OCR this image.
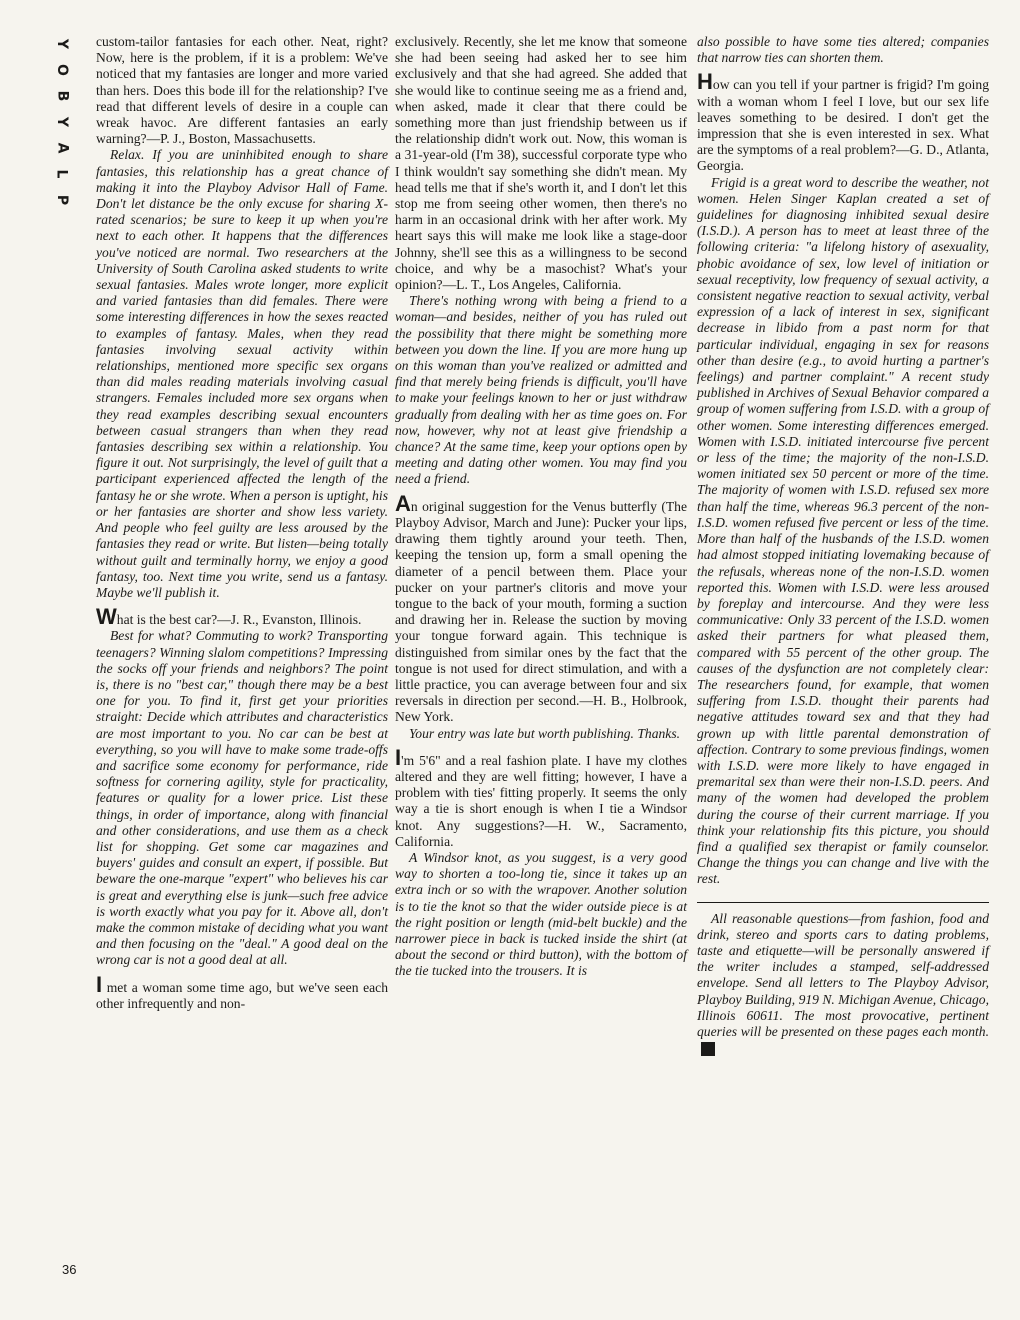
Y
O
B
Y
A
L
P
36

custom-tailor fantasies for each other. Neat, right? Now, here is the problem, if it is a problem: We've noticed that my fantasies are longer and more varied than hers. Does this bode ill for the relationship? I've read that different levels of desire in a couple can wreak havoc. Are different fantasies an early warning?—P. J., Boston, Massachusetts.

Relax. If you are uninhibited enough to share fantasies, this relationship has a great chance of making it into the Playboy Advisor Hall of Fame. Don't let distance be the only excuse for sharing X-rated scenarios; be sure to keep it up when you're next to each other. It happens that the differences you've noticed are normal. Two researchers at the University of South Carolina asked students to write sexual fantasies. Males wrote longer, more explicit and varied fantasies than did females. There were some interesting differences in how the sexes reacted to examples of fantasy. Males, when they read fantasies involving sexual activity within relationships, mentioned more specific sex organs than did males reading materials involving casual strangers. Females included more sex organs when they read examples describing sexual encounters between casual strangers than when they read fantasies describing sex within a relationship. You figure it out. Not surprisingly, the level of guilt that a participant experienced affected the length of the fantasy he or she wrote. When a person is uptight, his or her fantasies are shorter and show less variety. And people who feel guilty are less aroused by the fantasies they read or write. But listen—being totally without guilt and terminally horny, we enjoy a good fantasy, too. Next time you write, send us a fantasy. Maybe we'll publish it.

What is the best car?—J. R., Evanston, Illinois.

Best for what? Commuting to work? Transporting teenagers? Winning slalom competitions? Impressing the socks off your friends and neighbors? The point is, there is no "best car," though there may be a best one for you. To find it, first get your priorities straight: Decide which attributes and characteristics are most important to you. No car can be best at everything, so you will have to make some trade-offs and sacrifice some economy for performance, ride softness for cornering agility, style for practicality, features or quality for a lower price. List these things, in order of importance, along with financial and other considerations, and use them as a check list for shopping. Get some car magazines and buyers' guides and consult an expert, if possible. But beware the one-marque "expert" who believes his car is great and everything else is junk—such free advice is worth exactly what you pay for it. Above all, don't make the common mistake of deciding what you want and then focusing on the "deal." A good deal on the wrong car is not a good deal at all.

I met a woman some time ago, but we've seen each other infrequently and non-

exclusively. Recently, she let me know that someone she had been seeing had asked her to see him exclusively and that she had agreed. She added that she would like to continue seeing me as a friend and, when asked, made it clear that there could be something more than just friendship between us if the relationship didn't work out. Now, this woman is a 31-year-old (I'm 38), successful corporate type who I think wouldn't say something she didn't mean. My head tells me that if she's worth it, and I don't let this stop me from seeing other women, then there's no harm in an occasional drink with her after work. My heart says this will make me look like a stage-door Johnny, she'll see this as a willingness to be second choice, and why be a masochist? What's your opinion?—L. T., Los Angeles, California.

There's nothing wrong with being a friend to a woman—and besides, neither of you has ruled out the possibility that there might be something more between you down the line. If you are more hung up on this woman than you've realized or admitted and find that merely being friends is difficult, you'll have to make your feelings known to her or just withdraw gradually from dealing with her as time goes on. For now, however, why not at least give friendship a chance? At the same time, keep your options open by meeting and dating other women. You may find you need a friend.

An original suggestion for the Venus butterfly (The Playboy Advisor, March and June): Pucker your lips, drawing them tightly around your teeth. Then, keeping the tension up, form a small opening the diameter of a pencil between them. Place your pucker on your partner's clitoris and move your tongue to the back of your mouth, forming a suction and drawing her in. Release the suction by moving your tongue forward again. This technique is distinguished from similar ones by the fact that the tongue is not used for direct stimulation, and with a little practice, you can average between four and six reversals in direction per second.—H. B., Holbrook, New York.

Your entry was late but worth publishing. Thanks.

I'm 5'6" and a real fashion plate. I have my clothes altered and they are well fitting; however, I have a problem with ties' fitting properly. It seems the only way a tie is short enough is when I tie a Windsor knot. Any suggestions?—H. W., Sacramento, California.

A Windsor knot, as you suggest, is a very good way to shorten a too-long tie, since it takes up an extra inch or so with the wrapover. Another solution is to tie the knot so that the wider outside piece is at the right position or length (mid-belt buckle) and the narrower piece in back is tucked inside the shirt (at about the second or third button), with the bottom of the tie tucked into the trousers. It is

also possible to have some ties altered; companies that narrow ties can shorten them.

How can you tell if your partner is frigid? I'm going with a woman whom I feel I love, but our sex life leaves something to be desired. I don't get the impression that she is even interested in sex. What are the symptoms of a real problem?—G. D., Atlanta, Georgia.

Frigid is a great word to describe the weather, not women. Helen Singer Kaplan created a set of guidelines for diagnosing inhibited sexual desire (I.S.D.). A person has to meet at least three of the following criteria: "a lifelong history of asexuality, phobic avoidance of sex, low level of initiation or sexual receptivity, low frequency of sexual activity, a consistent negative reaction to sexual activity, verbal expression of a lack of interest in sex, significant decrease in libido from a past norm for that particular individual, engaging in sex for reasons other than desire (e.g., to avoid hurting a partner's feelings) and partner complaint." A recent study published in Archives of Sexual Behavior compared a group of women suffering from I.S.D. with a group of other women. Some interesting differences emerged. Women with I.S.D. initiated intercourse five percent or less of the time; the majority of the non-I.S.D. women initiated sex 50 percent or more of the time. The majority of women with I.S.D. refused sex more than half the time, whereas 96.3 percent of the non-I.S.D. women refused five percent or less of the time. More than half of the husbands of the I.S.D. women had almost stopped initiating lovemaking because of the refusals, whereas none of the non-I.S.D. women reported this. Women with I.S.D. were less aroused by foreplay and intercourse. And they were less communicative: Only 33 percent of the I.S.D. women asked their partners for what pleased them, compared with 55 percent of the other group. The causes of the dysfunction are not completely clear: The researchers found, for example, that women suffering from I.S.D. thought their parents had negative attitudes toward sex and that they had grown up with little parental demonstration of affection. Contrary to some previous findings, women with I.S.D. were more likely to have engaged in premarital sex than were their non-I.S.D. peers. And many of the women had developed the problem during the course of their current marriage. If you think your relationship fits this picture, you should find a qualified sex therapist or family counselor. Change the things you can change and live with the rest.

All reasonable questions—from fashion, food and drink, stereo and sports cars to dating problems, taste and etiquette—will be personally answered if the writer includes a stamped, self-addressed envelope. Send all letters to The Playboy Advisor, Playboy Building, 919 N. Michigan Avenue, Chicago, Illinois 60611. The most provocative, pertinent queries will be presented on these pages each month.■
